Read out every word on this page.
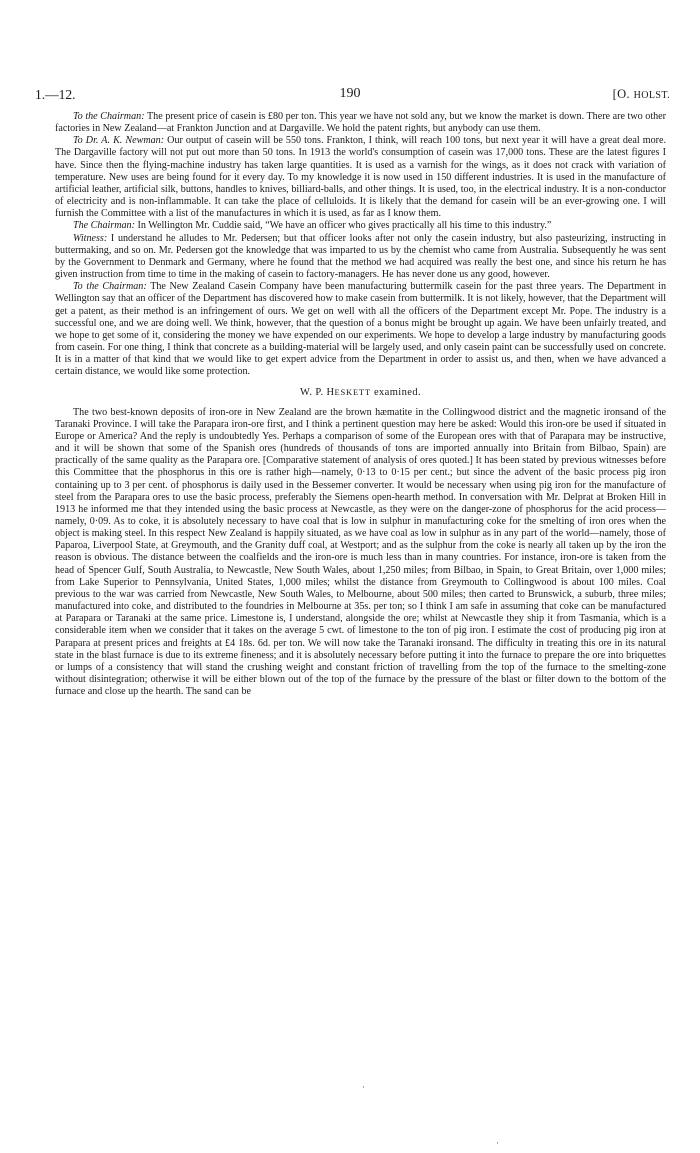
1.—12.	190	[O. HOLST.

To the Chairman: The present price of casein is £80 per ton. This year we have not sold any, but we know the market is down. There are two other factories in New Zealand—at Frankton Junction and at Dargaville. We hold the patent rights, but anybody can use them.

To Dr. A. K. Newman: Our output of casein will be 550 tons. Frankton, I think, will reach 100 tons, but next year it will have a great deal more. The Dargaville factory will not put out more than 50 tons. In 1913 the world's consumption of casein was 17,000 tons. These are the latest figures I have. Since then the flying-machine industry has taken large quantities. It is used as a varnish for the wings, as it does not crack with variation of temperature. New uses are being found for it every day. To my knowledge it is now used in 150 different industries. It is used in the manufacture of artificial leather, artificial silk, buttons, handles to knives, billiard-balls, and other things. It is used, too, in the electrical industry. It is a non-conductor of electricity and is non-inflammable. It can take the place of celluloids. It is likely that the demand for casein will be an ever-growing one. I will furnish the Committee with a list of the manufactures in which it is used, as far as I know them.

The Chairman: In Wellington Mr. Cuddie said, “We have an officer who gives practically all his time to this industry.”

Witness: I understand he alludes to Mr. Pedersen; but that officer looks after not only the casein industry, but also pasteurizing, instructing in buttermaking, and so on. Mr. Pedersen got the knowledge that was imparted to us by the chemist who came from Australia. Subsequently he was sent by the Government to Denmark and Germany, where he found that the method we had acquired was really the best one, and since his return he has given instruction from time to time in the making of casein to factory-managers. He has never done us any good, however.

To the Chairman: The New Zealand Casein Company have been manufacturing buttermilk casein for the past three years. The Department in Wellington say that an officer of the Department has discovered how to make casein from buttermilk. It is not likely, however, that the Department will get a patent, as their method is an infringement of ours. We get on well with all the officers of the Department except Mr. Pope. The industry is a successful one, and we are doing well. We think, however, that the question of a bonus might be brought up again. We have been unfairly treated, and we hope to get some of it, considering the money we have expended on our experiments. We hope to develop a large industry by manufacturing goods from casein. For one thing, I think that concrete as a building-material will be largely used, and only casein paint can be successfully used on concrete. It is in a matter of that kind that we would like to get expert advice from the Department in order to assist us, and then, when we have advanced a certain distance, we would like some protection.

W. P. HESKETT examined.

The two best-known deposits of iron-ore in New Zealand are the brown hæmatite in the Collingwood district and the magnetic ironsand of the Taranaki Province. I will take the Parapara iron-ore first, and I think a pertinent question may here be asked: Would this iron-ore be used if situated in Europe or America? And the reply is undoubtedly Yes. Perhaps a comparison of some of the European ores with that of Parapara may be instructive, and it will be shown that some of the Spanish ores (hundreds of thousands of tons are imported annually into Britain from Bilbao, Spain) are practically of the same quality as the Parapara ore. [Comparative statement of analysis of ores quoted.] It has been stated by previous witnesses before this Committee that the phosphorus in this ore is rather high—namely, 0·13 to 0·15 per cent.; but since the advent of the basic process pig iron containing up to 3 per cent. of phosphorus is daily used in the Bessemer converter. It would be necessary when using pig iron for the manufacture of steel from the Parapara ores to use the basic process, preferably the Siemens open-hearth method. In conversation with Mr. Delprat at Broken Hill in 1913 he informed me that they intended using the basic process at Newcastle, as they were on the danger-zone of phosphorus for the acid process—namely, 0·09. As to coke, it is absolutely necessary to have coal that is low in sulphur in manufacturing coke for the smelting of iron ores when the object is making steel. In this respect New Zealand is happily situated, as we have coal as low in sulphur as in any part of the world—namely, those of Paparoa, Liverpool State, at Greymouth, and the Granity duff coal, at Westport; and as the sulphur from the coke is nearly all taken up by the iron the reason is obvious. The distance between the coalfields and the iron-ore is much less than in many countries. For instance, iron-ore is taken from the head of Spencer Gulf, South Australia, to Newcastle, New South Wales, about 1,250 miles; from Bilbao, in Spain, to Great Britain, over 1,000 miles; from Lake Superior to Pennsylvania, United States, 1,000 miles; whilst the distance from Greymouth to Collingwood is about 100 miles. Coal previous to the war was carried from Newcastle, New South Wales, to Melbourne, about 500 miles; then carted to Brunswick, a suburb, three miles; manufactured into coke, and distributed to the foundries in Melbourne at 35s. per ton; so I think I am safe in assuming that coke can be manufactured at Parapara or Taranaki at the same price. Limestone is, I understand, alongside the ore; whilst at Newcastle they ship it from Tasmania, which is a considerable item when we consider that it takes on the average 5 cwt. of limestone to the ton of pig iron. I estimate the cost of producing pig iron at Parapara at present prices and freights at £4 18s. 6d. per ton. We will now take the Taranaki ironsand. The difficulty in treating this ore in its natural state in the blast furnace is due to its extreme fineness; and it is absolutely necessary before putting it into the furnace to prepare the ore into briquettes or lumps of a consistency that will stand the crushing weight and constant friction of travelling from the top of the furnace to the smelting-zone without disintegration; otherwise it will be either blown out of the top of the furnace by the pressure of the blast or filter down to the bottom of the furnace and close up the hearth. The sand can be

·
·
